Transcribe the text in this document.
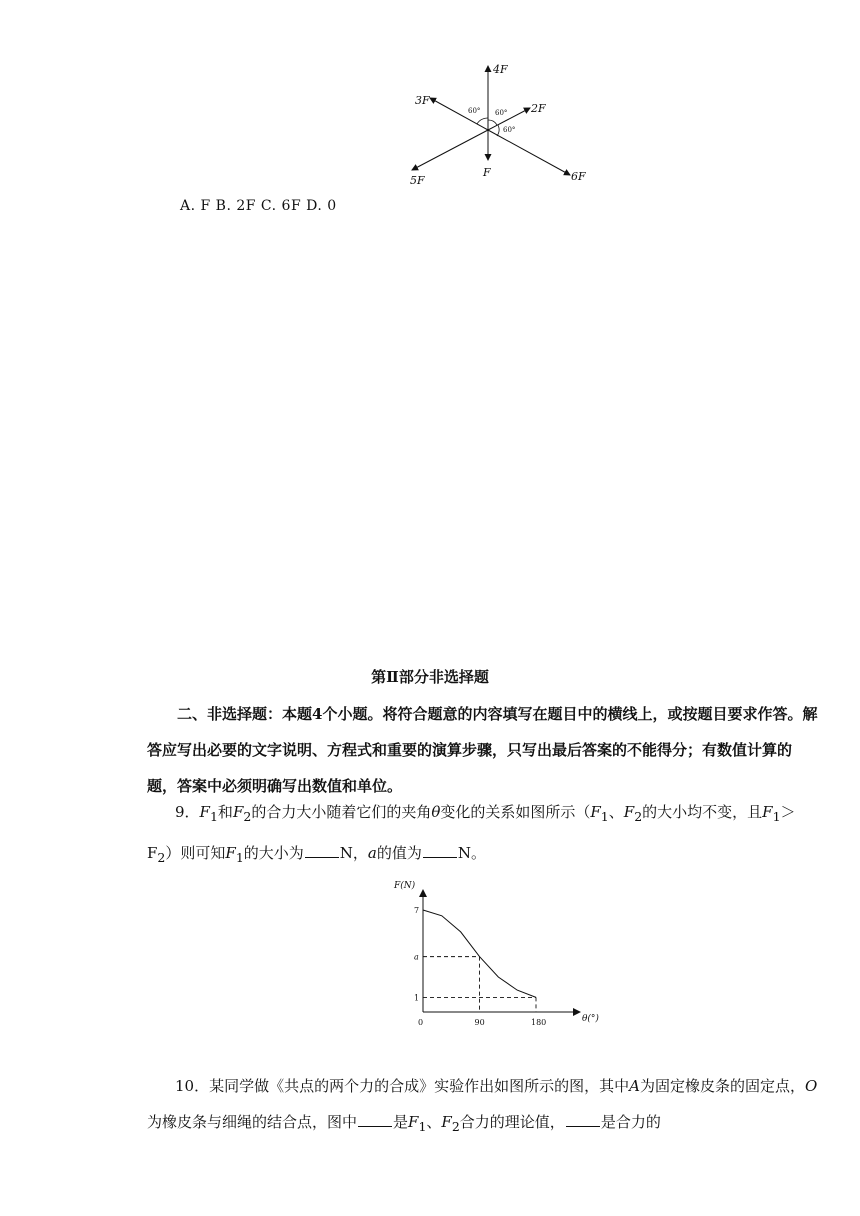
4F
3F
2F
5F
F	6F
60° 60°
60°
A. F B. 2F C. 6F D. 0
第Ⅱ部分非选择题
二、非选择题：本题4个小题。将符合题意的内容填写在题目中的横线上，或按题目要求作答。解答应写出必要的文字说明、方程式和重要的演算步骤，只写出最后答案的不能得分；有数值计算的题，答案中必须明确写出数值和单位。
9．$F_1$和$F_2$的合力大小随着它们的夹角θ变化的关系如图所示（$F_1$、$F_2$的大小均不变，且$F_1>F_2$）则可知$F_1$的大小为 N，a的值为 N。
F(N)
θ(°)
0	90	180
1
a
7
10．某同学做《共点的两个力的合成》实验作出如图所示的图，其中A为固定橡皮条的固定点，O为橡皮条与细绳的结合点，图中 是$F_1$、$F_2$合力的理论值， 是合力的
